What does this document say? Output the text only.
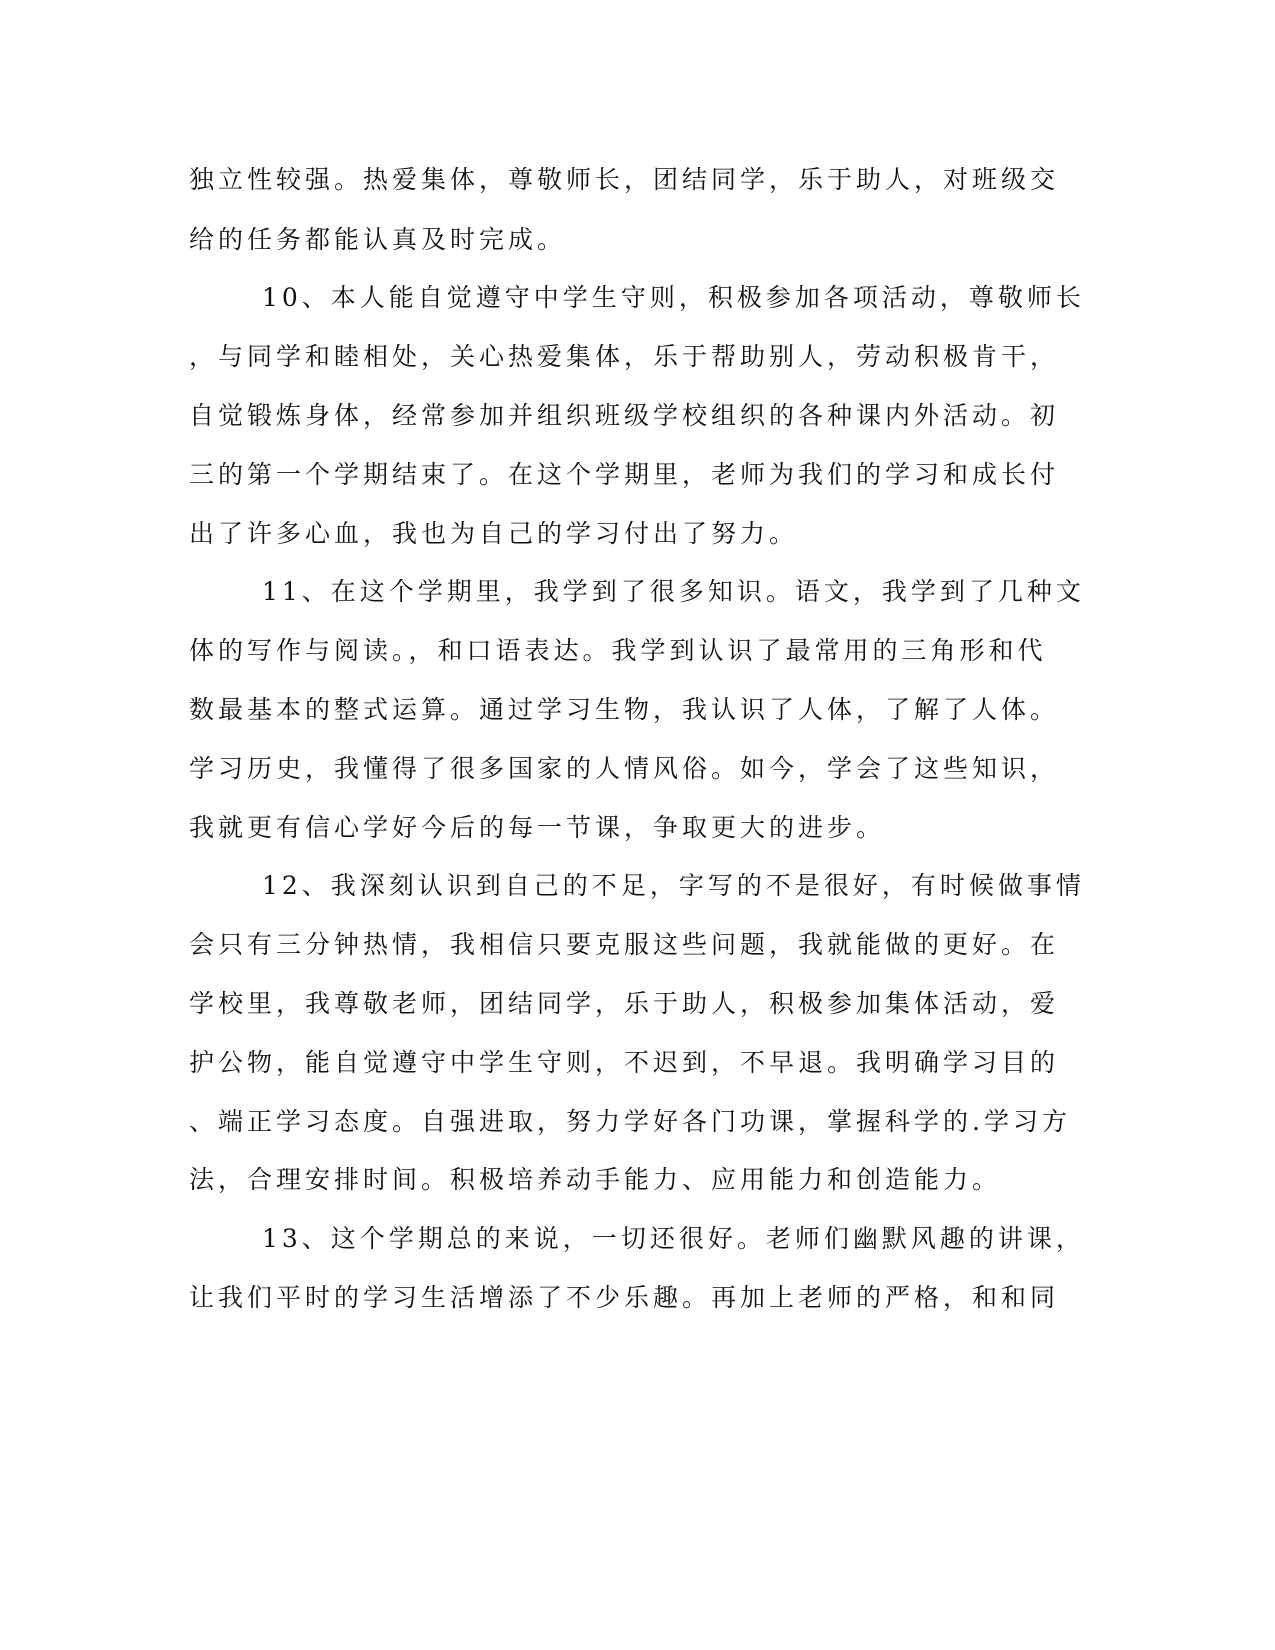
独立性较强。热爱集体，尊敬师长，团结同学，乐于助人，对班级交
给的任务都能认真及时完成。
10、本人能自觉遵守中学生守则，积极参加各项活动，尊敬师长
，与同学和睦相处，关心热爱集体，乐于帮助别人，劳动积极肯干，
自觉锻炼身体，经常参加并组织班级学校组织的各种课内外活动。初
三的第一个学期结束了。在这个学期里，老师为我们的学习和成长付
出了许多心血，我也为自己的学习付出了努力。
11、在这个学期里，我学到了很多知识。语文，我学到了几种文
体的写作与阅读。，和口语表达。我学到认识了最常用的三角形和代
数最基本的整式运算。通过学习生物，我认识了人体，了解了人体。
学习历史，我懂得了很多国家的人情风俗。如今，学会了这些知识，
我就更有信心学好今后的每一节课，争取更大的进步。
12、我深刻认识到自己的不足，字写的不是很好，有时候做事情
会只有三分钟热情，我相信只要克服这些问题，我就能做的更好。在
学校里，我尊敬老师，团结同学，乐于助人，积极参加集体活动，爱
护公物，能自觉遵守中学生守则，不迟到，不早退。我明确学习目的
、端正学习态度。自强进取，努力学好各门功课，掌握科学的.学习方
法，合理安排时间。积极培养动手能力、应用能力和创造能力。
13、这个学期总的来说，一切还很好。老师们幽默风趣的讲课，
让我们平时的学习生活增添了不少乐趣。再加上老师的严格，和和同
